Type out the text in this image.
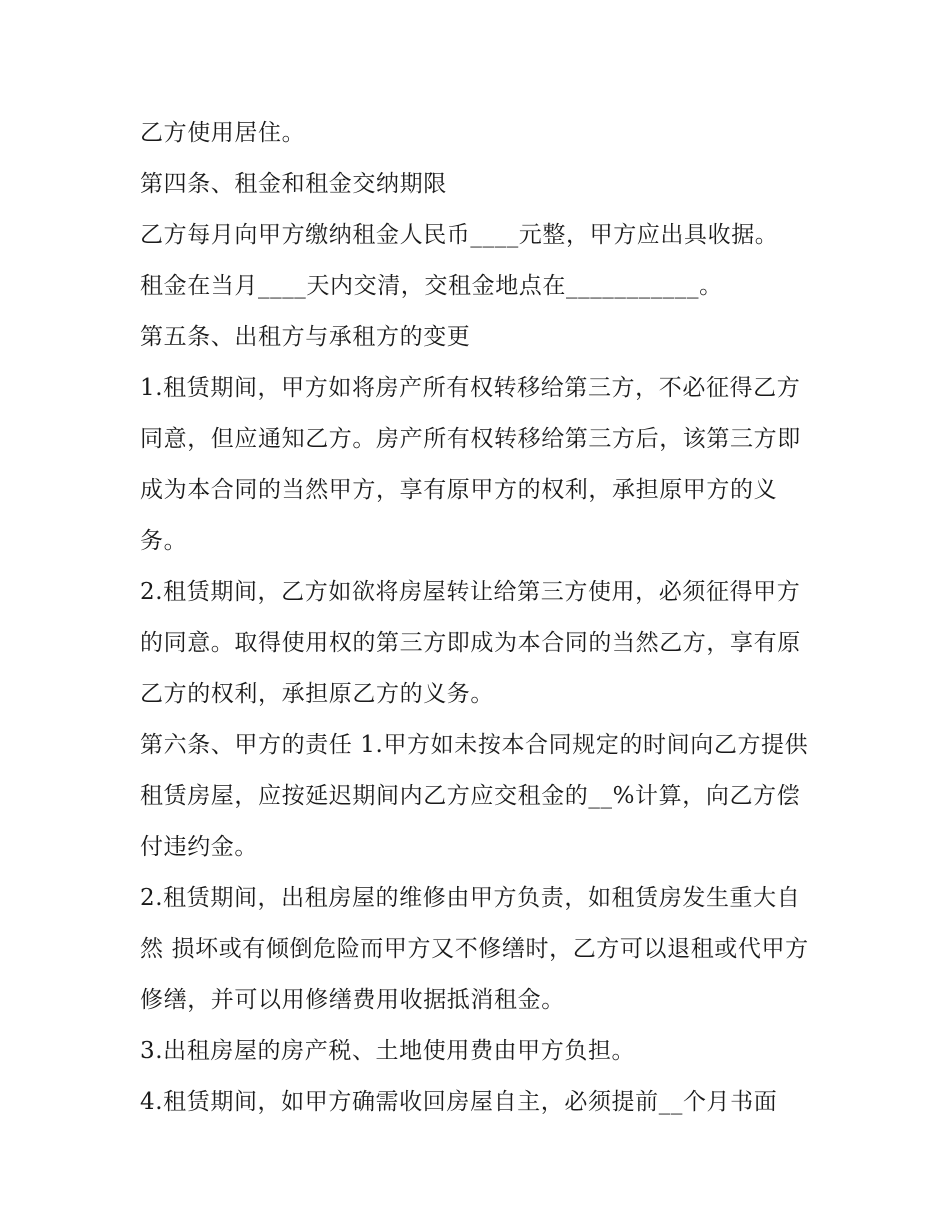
乙方使用居住。

第四条、租金和租金交纳期限

乙方每月向甲方缴纳租金人民币____元整，甲方应出具收据。

租金在当月____天内交清，交租金地点在___________。

第五条、出租方与承租方的变更

1.租赁期间，甲方如将房产所有权转移给第三方，不必征得乙方同意，但应通知乙方。房产所有权转移给第三方后，该第三方即成为本合同的当然甲方，享有原甲方的权利，承担原甲方的义务。

2.租赁期间，乙方如欲将房屋转让给第三方使用，必须征得甲方的同意。取得使用权的第三方即成为本合同的当然乙方，享有原乙方的权利，承担原乙方的义务。

第六条、甲方的责任 1.甲方如未按本合同规定的时间向乙方提供租赁房屋，应按延迟期间内乙方应交租金的__%计算，向乙方偿付违约金。

2.租赁期间，出租房屋的维修由甲方负责，如租赁房发生重大自然 损坏或有倾倒危险而甲方又不修缮时，乙方可以退租或代甲方修缮，并可以用修缮费用收据抵消租金。

3.出租房屋的房产税、土地使用费由甲方负担。

4.租赁期间，如甲方确需收回房屋自主，必须提前__个月书面
